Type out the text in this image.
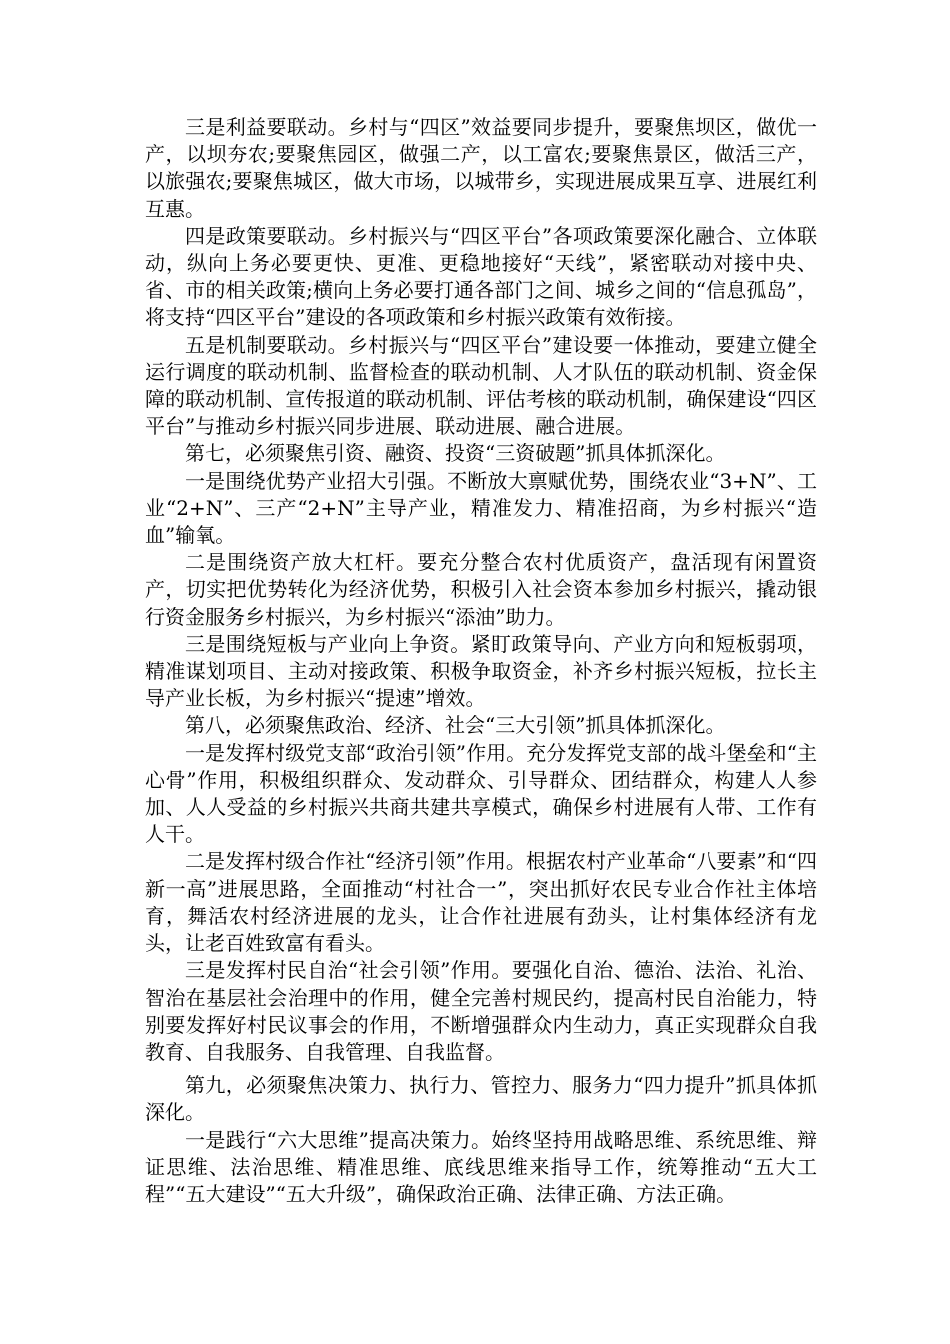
三是利益要联动。乡村与“四区”效益要同步提升，要聚焦坝区，做优一产，以坝夯农;要聚焦园区，做强二产，以工富农;要聚焦景区，做活三产，以旅强农;要聚焦城区，做大市场，以城带乡，实现进展成果互享、进展红利互惠。

四是政策要联动。乡村振兴与“四区平台”各项政策要深化融合、立体联动，纵向上务必要更快、更准、更稳地接好“天线”，紧密联动对接中央、省、市的相关政策;横向上务必要打通各部门之间、城乡之间的“信息孤岛”，将支持“四区平台”建设的各项政策和乡村振兴政策有效衔接。

五是机制要联动。乡村振兴与“四区平台”建设要一体推动，要建立健全运行调度的联动机制、监督检查的联动机制、人才队伍的联动机制、资金保障的联动机制、宣传报道的联动机制、评估考核的联动机制，确保建设“四区平台”与推动乡村振兴同步进展、联动进展、融合进展。

第七，必须聚焦引资、融资、投资“三资破题”抓具体抓深化。

一是围绕优势产业招大引强。不断放大禀赋优势，围绕农业“3+N”、工业“2+N”、三产“2+N”主导产业，精准发力、精准招商，为乡村振兴“造血”输氧。

二是围绕资产放大杠杆。要充分整合农村优质资产，盘活现有闲置资产，切实把优势转化为经济优势，积极引入社会资本参加乡村振兴，撬动银行资金服务乡村振兴，为乡村振兴“添油”助力。

三是围绕短板与产业向上争资。紧盯政策导向、产业方向和短板弱项，精准谋划项目、主动对接政策、积极争取资金，补齐乡村振兴短板，拉长主导产业长板，为乡村振兴“提速”增效。

第八，必须聚焦政治、经济、社会“三大引领”抓具体抓深化。

一是发挥村级党支部“政治引领”作用。充分发挥党支部的战斗堡垒和“主心骨”作用，积极组织群众、发动群众、引导群众、团结群众，构建人人参加、人人受益的乡村振兴共商共建共享模式，确保乡村进展有人带、工作有人干。

二是发挥村级合作社“经济引领”作用。根据农村产业革命“八要素”和“四新一高”进展思路，全面推动“村社合一”，突出抓好农民专业合作社主体培育，舞活农村经济进展的龙头，让合作社进展有劲头，让村集体经济有龙头，让老百姓致富有看头。

三是发挥村民自治“社会引领”作用。要强化自治、德治、法治、礼治、智治在基层社会治理中的作用，健全完善村规民约，提高村民自治能力，特别要发挥好村民议事会的作用，不断增强群众内生动力，真正实现群众自我教育、自我服务、自我管理、自我监督。

第九，必须聚焦决策力、执行力、管控力、服务力“四力提升”抓具体抓深化。

一是践行“六大思维”提高决策力。始终坚持用战略思维、系统思维、辩证思维、法治思维、精准思维、底线思维来指导工作，统筹推动“五大工程”“五大建设”“五大升级”，确保政治正确、法律正确、方法正确。
